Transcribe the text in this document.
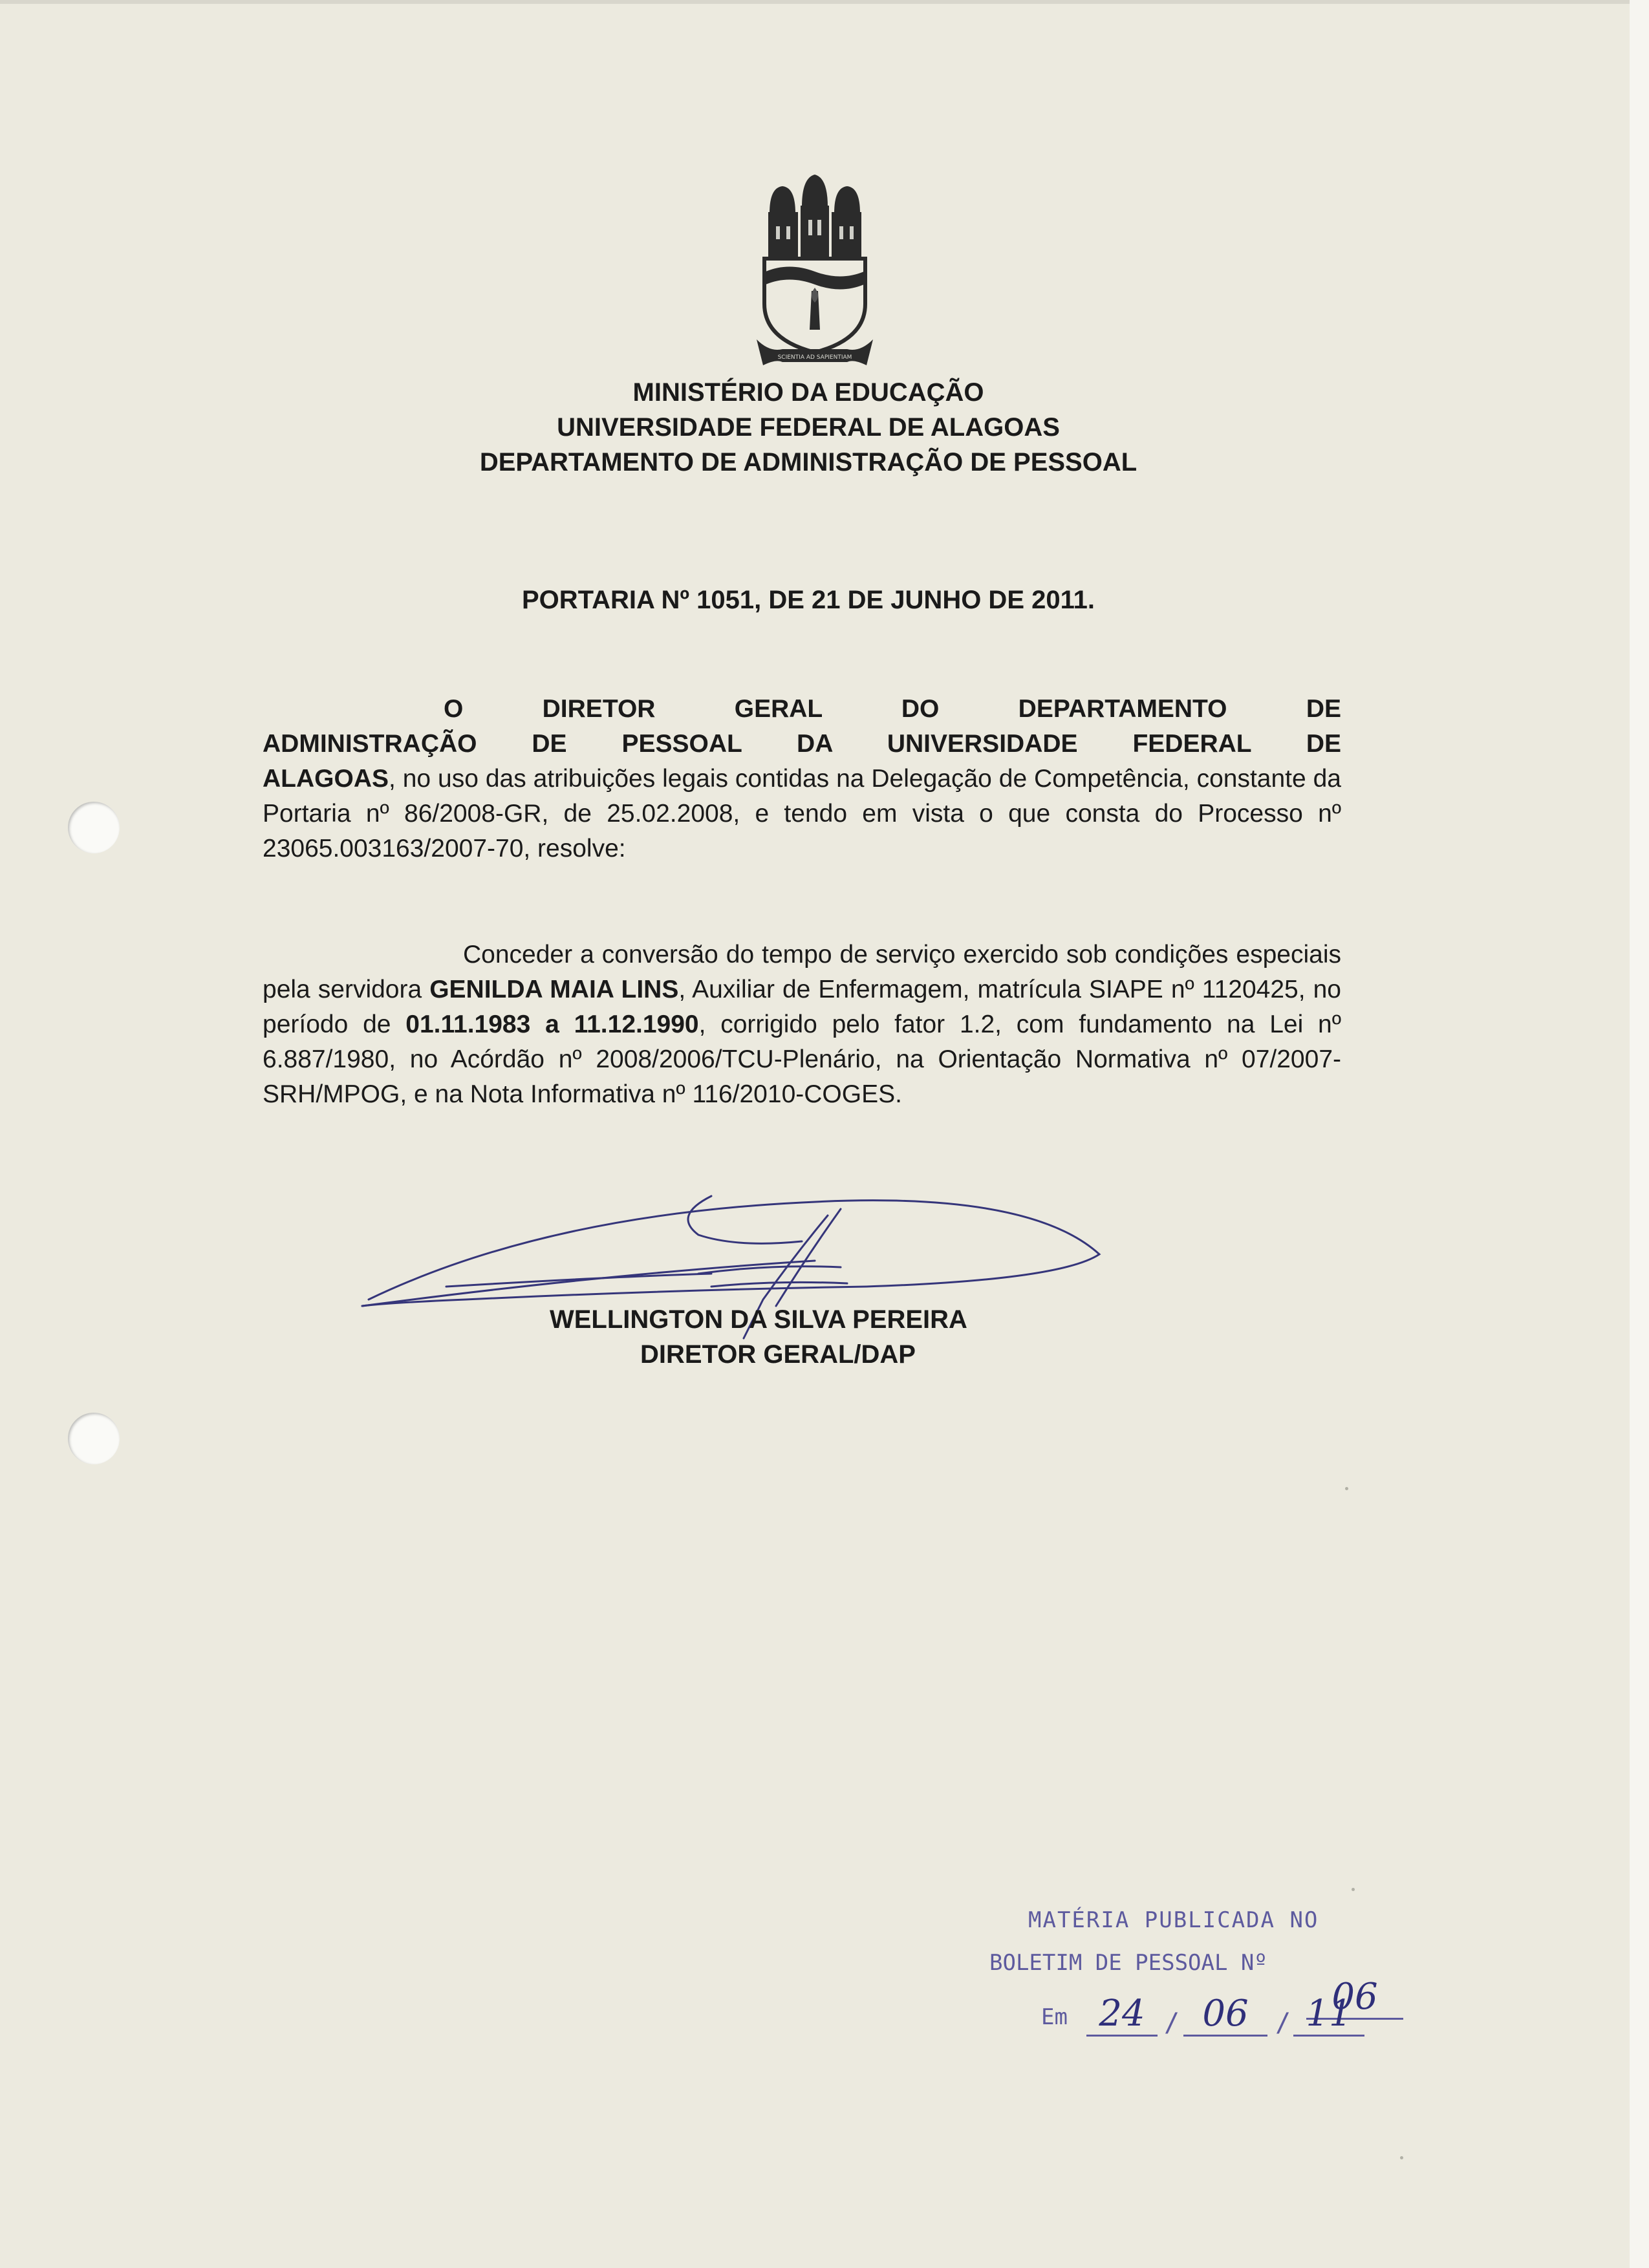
SCIENTIA AD SAPIENTIAM
MINISTÉRIO DA EDUCAÇÃO
UNIVERSIDADE FEDERAL DE ALAGOAS
DEPARTAMENTO DE ADMINISTRAÇÃO DE PESSOAL
PORTARIA Nº 1051, DE 21 DE JUNHO DE 2011.
O DIRETOR GERAL DO DEPARTAMENTO DE
ADMINISTRAÇÃO DE PESSOAL DA UNIVERSIDADE FEDERAL DE
ALAGOAS, no uso das atribuições legais contidas na Delegação de Competência, constante da Portaria nº 86/2008-GR, de 25.02.2008, e tendo em vista o que consta do Processo nº 23065.003163/2007-70, resolve:
Conceder a conversão do tempo de serviço exercido sob condições especiais pela servidora GENILDA MAIA LINS, Auxiliar de Enfermagem, matrícula SIAPE nº 1120425, no período de 01.11.1983 a 11.12.1990, corrigido pelo fator 1.2, com fundamento na Lei nº 6.887/1980, no Acórdão nº 2008/2006/TCU-Plenário, na Orientação Normativa nº 07/2007-SRH/MPOG, e na Nota Informativa nº 116/2010-COGES.
WELLINGTON DA SILVA PEREIRA
DIRETOR GERAL/DAP
MATÉRIA PUBLICADA NO
BOLETIM DE PESSOAL Nº
06
Em 24 / 06	/ 11
